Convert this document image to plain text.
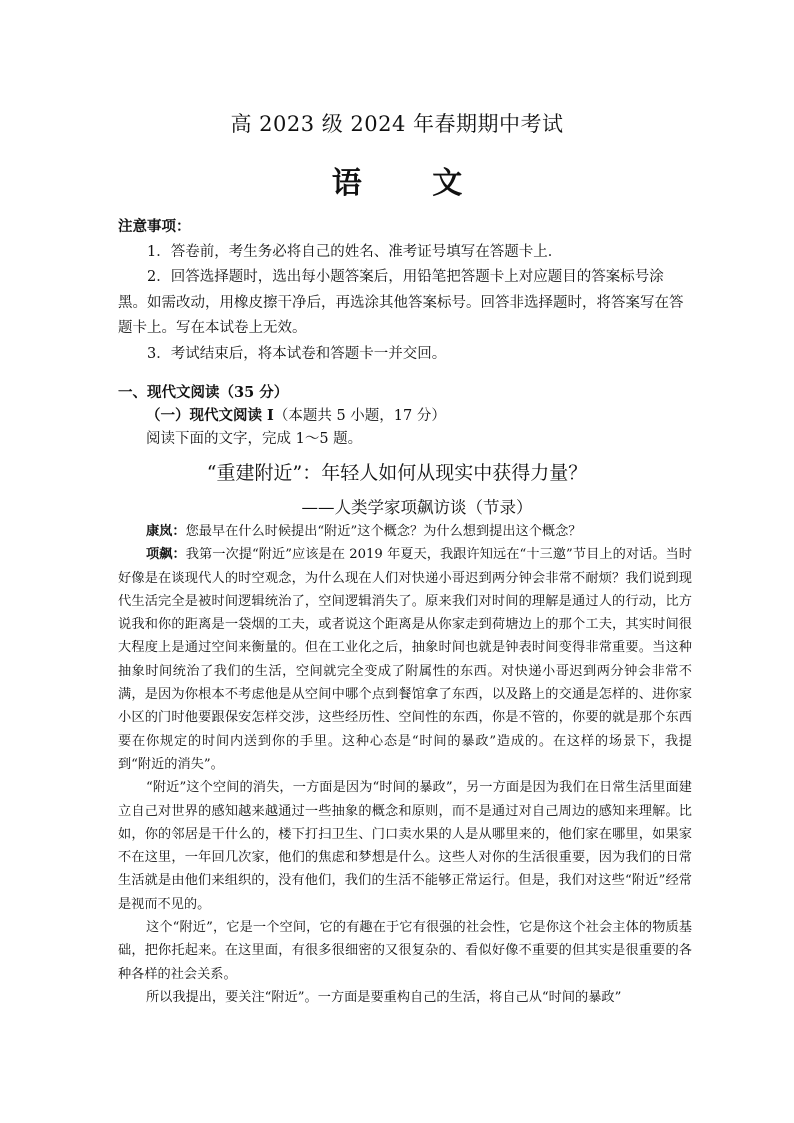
高 2023 级 2024 年春期期中考试
语 文

注意事项：

1．答卷前，考生务必将自己的姓名、准考证号填写在答题卡上．

2．回答选择题时，选出每小题答案后，用铅笔把答题卡上对应题目的答案标号涂黑。如需改动，用橡皮擦干净后，再选涂其他答案标号。回答非选择题时，将答案写在答题卡上。写在本试卷上无效。

3．考试结束后，将本试卷和答题卡一并交回。

一、现代文阅读（35 分）

（一）现代文阅读 I（本题共 5 小题，17 分）

阅读下面的文字，完成 1～5 题。

“重建附近”：年轻人如何从现实中获得力量？
——人类学家项飙访谈（节录）

康岚：您最早在什么时候提出“附近”这个概念？为什么想到提出这个概念？

项飙：我第一次提“附近”应该是在 2019 年夏天，我跟许知远在“十三邀”节目上的对话。当时好像是在谈现代人的时空观念，为什么现在人们对快递小哥迟到两分钟会非常不耐烦？我们说到现代生活完全是被时间逻辑统治了，空间逻辑消失了。原来我们对时间的理解是通过人的行动，比方说我和你的距离是一袋烟的工夫，或者说这个距离是从你家走到荷塘边上的那个工夫，其实时间很大程度上是通过空间来衡量的。但在工业化之后，抽象时间也就是钟表时间变得非常重要。当这种抽象时间统治了我们的生活，空间就完全变成了附属性的东西。对快递小哥迟到两分钟会非常不满，是因为你根本不考虑他是从空间中哪个点到餐馆拿了东西，以及路上的交通是怎样的、进你家小区的门时他要跟保安怎样交涉，这些经历性、空间性的东西，你是不管的，你要的就是那个东西要在你规定的时间内送到你的手里。这种心态是“时间的暴政”造成的。在这样的场景下，我提到“附近的消失”。

“附近”这个空间的消失，一方面是因为“时间的暴政”，另一方面是因为我们在日常生活里面建立自己对世界的感知越来越通过一些抽象的概念和原则，而不是通过对自己周边的感知来理解。比如，你的邻居是干什么的，楼下打扫卫生、门口卖水果的人是从哪里来的，他们家在哪里，如果家不在这里，一年回几次家，他们的焦虑和梦想是什么。这些人对你的生活很重要，因为我们的日常生活就是由他们来组织的，没有他们，我们的生活不能够正常运行。但是，我们对这些“附近”经常是视而不见的。

这个“附近”，它是一个空间，它的有趣在于它有很强的社会性，它是你这个社会主体的物质基础，把你托起来。在这里面，有很多很细密的又很复杂的、看似好像不重要的但其实是很重要的各种各样的社会关系。

所以我提出，要关注“附近”。一方面是要重构自己的生活，将自己从“时间的暴政”
